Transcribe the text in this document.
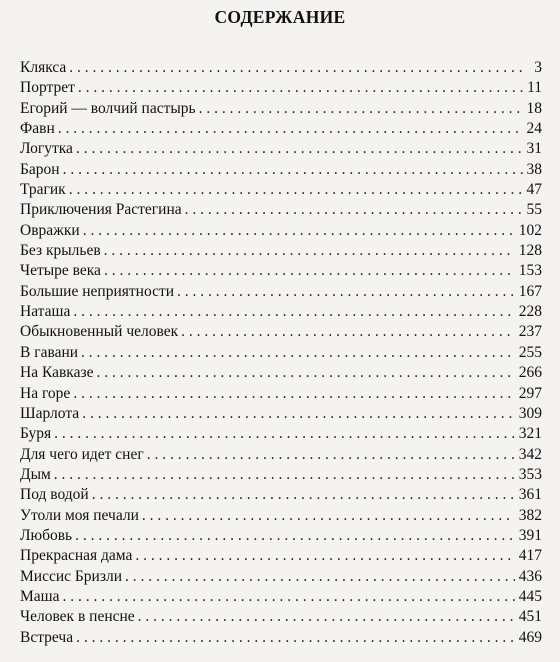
СОДЕРЖАНИЕ
Клякса . . .	3
Портрет . . .	11
Егорий — волчий пастырь . . .	18
Фавн . . .	24
Логутка . . .	31
Барон . . .	38
Трагик . . .	47
Приключения Растегина . . .	55
Овражки . . .	102
Без крыльев . . .	128
Четыре века . . .	153
Большие неприятности . . .	167
Наташа . . .	228
Обыкновенный человек . . .	237
В гавани . . .	255
На Кавказе . . .	266
На горе . . .	297
Шарлота . . .	309
Буря . . .	321
Для чего идет снег . . .	342
Дым . . .	353
Под водой . . .	361
Утоли моя печали . . .	382
Любовь . . .	391
Прекрасная дама . . .	417
Миссис Бризли . . .	436
Маша . . .	445
Человек в пенсне . . .	451
Встреча . . .	469
